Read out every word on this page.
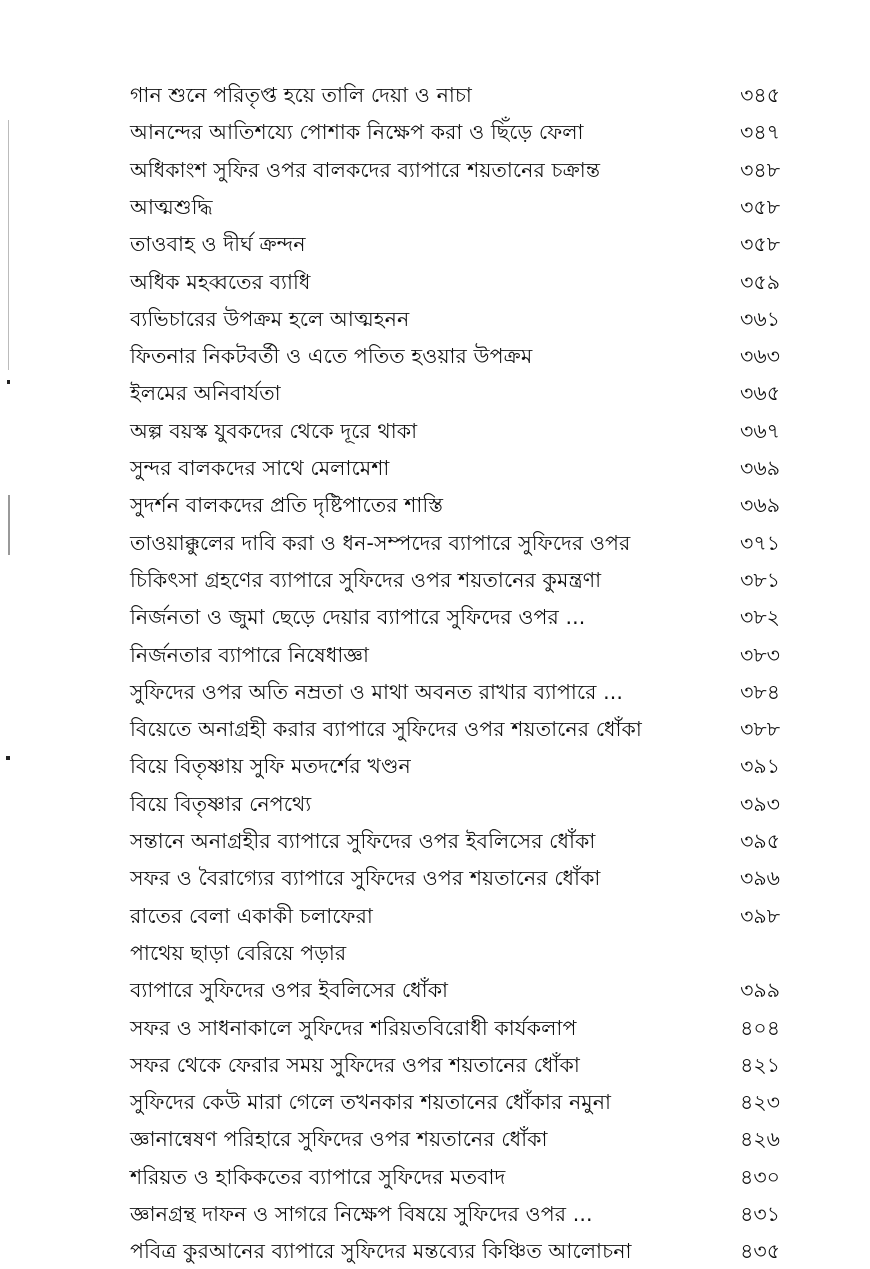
গান শুনে পরিতৃপ্ত হয়ে তালি দেয়া ও নাচা	৩৪৫
আনন্দের আতিশয্যে পোশাক নিক্ষেপ করা ও ছিঁড়ে ফেলা	৩৪৭
অধিকাংশ সুফির ওপর বালকদের ব্যাপারে শয়তানের চক্রান্ত	৩৪৮
আত্মশুদ্ধি	৩৫৮
তাওবাহ ও দীর্ঘ ক্রন্দন	৩৫৮
অধিক মহব্বতের ব্যাধি	৩৫৯
ব্যভিচারের উপক্রম হলে আত্মহনন	৩৬১
ফিতনার নিকটবর্তী ও এতে পতিত হওয়ার উপক্রম	৩৬৩
ইলমের অনিবার্যতা	৩৬৫
অল্প বয়স্ক যুবকদের থেকে দূরে থাকা	৩৬৭
সুন্দর বালকদের সাথে মেলামেশা	৩৬৯
সুদর্শন বালকদের প্রতি দৃষ্টিপাতের শাস্তি	৩৬৯
তাওয়াক্কুলের দাবি করা ও ধন-সম্পদের ব্যাপারে সুফিদের ওপর	৩৭১
চিকিৎসা গ্রহণের ব্যাপারে সুফিদের ওপর শয়তানের কুমন্ত্রণা	৩৮১
নির্জনতা ও জুমা ছেড়ে দেয়ার ব্যাপারে সুফিদের ওপর ...	৩৮২
নির্জনতার ব্যাপারে নিষেধাজ্ঞা	৩৮৩
সুফিদের ওপর অতি নম্রতা ও মাথা অবনত রাখার ব্যাপারে ...	৩৮৪
বিয়েতে অনাগ্রহী করার ব্যাপারে সুফিদের ওপর শয়তানের ধোঁকা	৩৮৮
বিয়ে বিতৃষ্ণায় সুফি মতদর্শের খণ্ডন	৩৯১
বিয়ে বিতৃষ্ণার নেপথ্যে	৩৯৩
সন্তানে অনাগ্রহীর ব্যাপারে সুফিদের ওপর ইবলিসের ধোঁকা	৩৯৫
সফর ও বৈরাগ্যের ব্যাপারে সুফিদের ওপর শয়তানের ধোঁকা	৩৯৬
রাতের বেলা একাকী চলাফেরা	৩৯৮
পাথেয় ছাড়া বেরিয়ে পড়ার
ব্যাপারে সুফিদের ওপর ইবলিসের ধোঁকা	৩৯৯
সফর ও সাধনাকালে সুফিদের শরিয়তবিরোধী কার্যকলাপ	৪০৪
সফর থেকে ফেরার সময় সুফিদের ওপর শয়তানের ধোঁকা	৪২১
সুফিদের কেউ মারা গেলে তখনকার শয়তানের ধোঁকার নমুনা	৪২৩
জ্ঞানান্বেষণ পরিহারে সুফিদের ওপর শয়তানের ধোঁকা	৪২৬
শরিয়ত ও হাকিকতের ব্যাপারে সুফিদের মতবাদ	৪৩০
জ্ঞানগ্রন্থ দাফন ও সাগরে নিক্ষেপ বিষয়ে সুফিদের ওপর ...	৪৩১
পবিত্র কুরআনের ব্যাপারে সুফিদের মন্তব্যের কিঞ্চিত আলোচনা	৪৩৫
